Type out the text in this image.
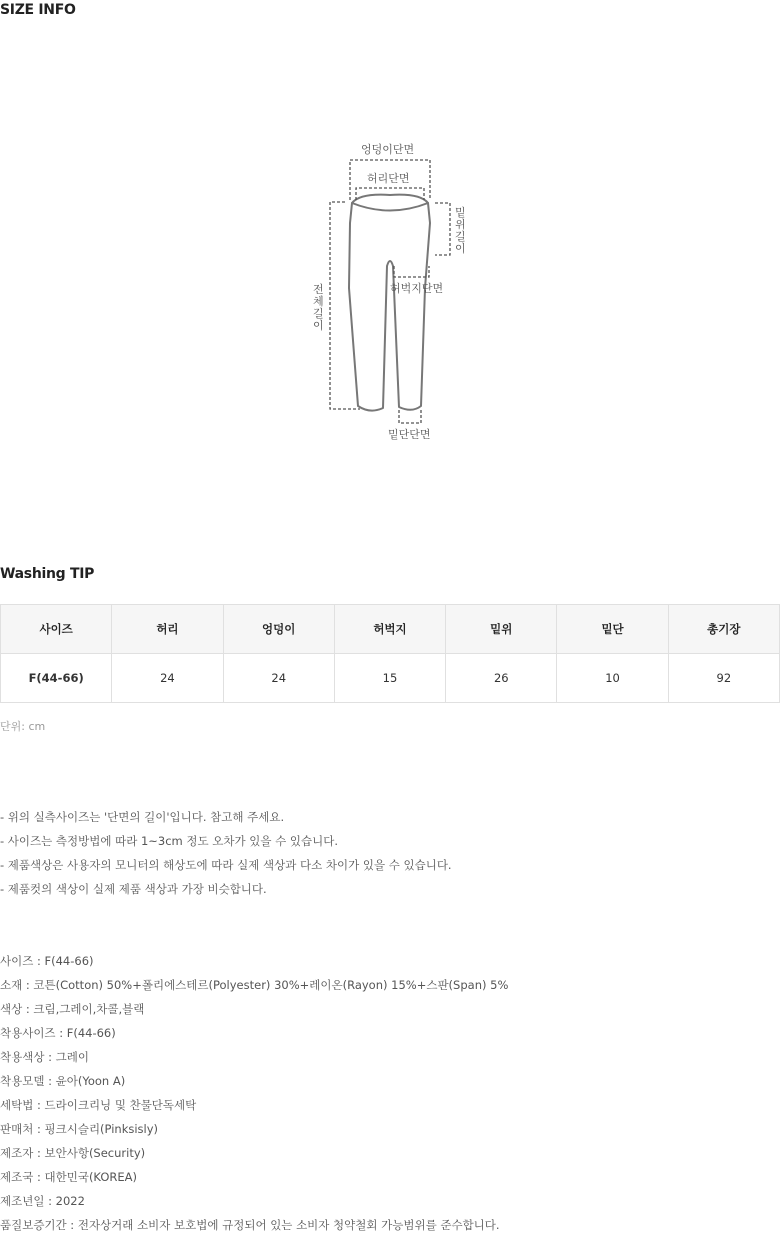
SIZE INFO
엉덩이단면
허리단면
허벅지단면
밑단단면
밑
위
길
이
전
체
길
이
Washing TIP
사이즈	허리	엉덩이	허벅지	밑위	밑단	총기장
F(44-66)	24	24	15	26	10	92
단위: cm
- 위의 실측사이즈는 '단면의 길이'입니다. 참고해 주세요.
- 사이즈는 측정방법에 따라 1~3cm 정도 오차가 있을 수 있습니다.
- 제품색상은 사용자의 모니터의 해상도에 따라 실제 색상과 다소 차이가 있을 수 있습니다.
- 제품컷의 색상이 실제 제품 색상과 가장 비슷합니다.
사이즈 : F(44-66)
소재 : 코튼(Cotton) 50%+폴리에스테르(Polyester) 30%+레이온(Rayon) 15%+스판(Span) 5%
색상 : 크림,그레이,차콜,블랙
착용사이즈 : F(44-66)
착용색상 : 그레이
착용모델 : 윤아(Yoon A)
세탁법 : 드라이크리닝 및 찬물단독세탁
판매처 : 핑크시슬리(Pinksisly)
제조자 : 보안사항(Security)
제조국 : 대한민국(KOREA)
제조년일 : 2022
품질보증기간 : 전자상거래 소비자 보호법에 규정되어 있는 소비자 청약철회 가능범위를 준수합니다.
